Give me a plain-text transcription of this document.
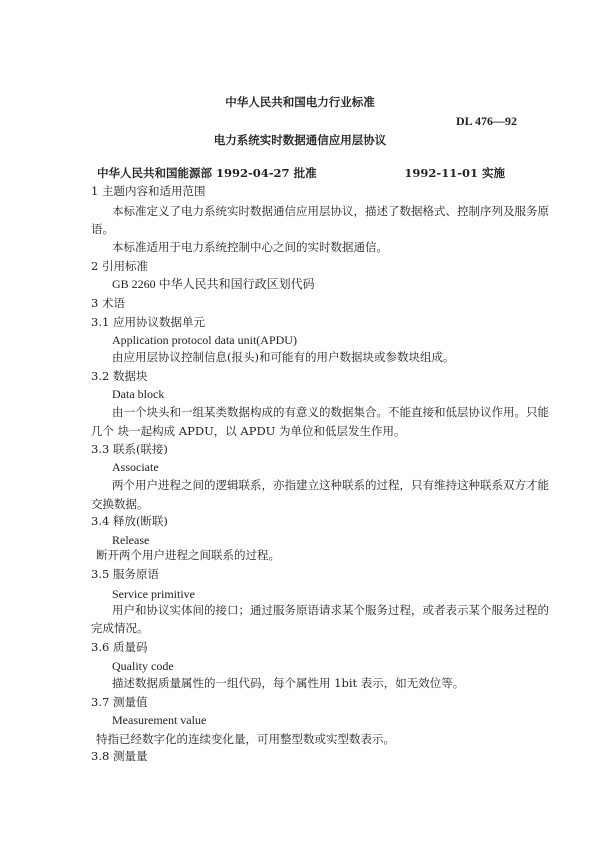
中华人民共和国电力行业标准
DL 476—92
电力系统实时数据通信应用层协议
中华人民共和国能源部 1992-04-27 批准	1992-11-01 实施
1 主题内容和适用范围
本标准定义了电力系统实时数据通信应用层协议，描述了数据格式、控制序列及服务原
语。
本标准适用于电力系统控制中心之间的实时数据通信。
2 引用标准
GB 2260 中华人民共和国行政区划代码
3 术语
3.1 应用协议数据单元
Application protocol data unit(APDU)
由应用层协议控制信息(报头)和可能有的用户数据块或参数块组成。
3.2 数据块
Data block
由一个块头和一组某类数据构成的有意义的数据集合。不能直接和低层协议作用。只能
几个 块一起构成 APDU，以 APDU 为单位和低层发生作用。
3.3 联系(联接)
Associate
两个用户进程之间的逻辑联系，亦指建立这种联系的过程，只有维持这种联系双方才能
交换数据。
3.4 释放(断联)
Release
断开两个用户进程之间联系的过程。
3.5 服务原语
Service primitive
用户和协议实体间的接口；通过服务原语请求某个服务过程，或者表示某个服务过程的
完成情况。
3.6 质量码
Quality code
描述数据质量属性的一组代码，每个属性用 1bit 表示，如无效位等。
3.7 测量值
Measurement value
特指已经数字化的连续变化量，可用整型数或实型数表示。
3.8 测量量
